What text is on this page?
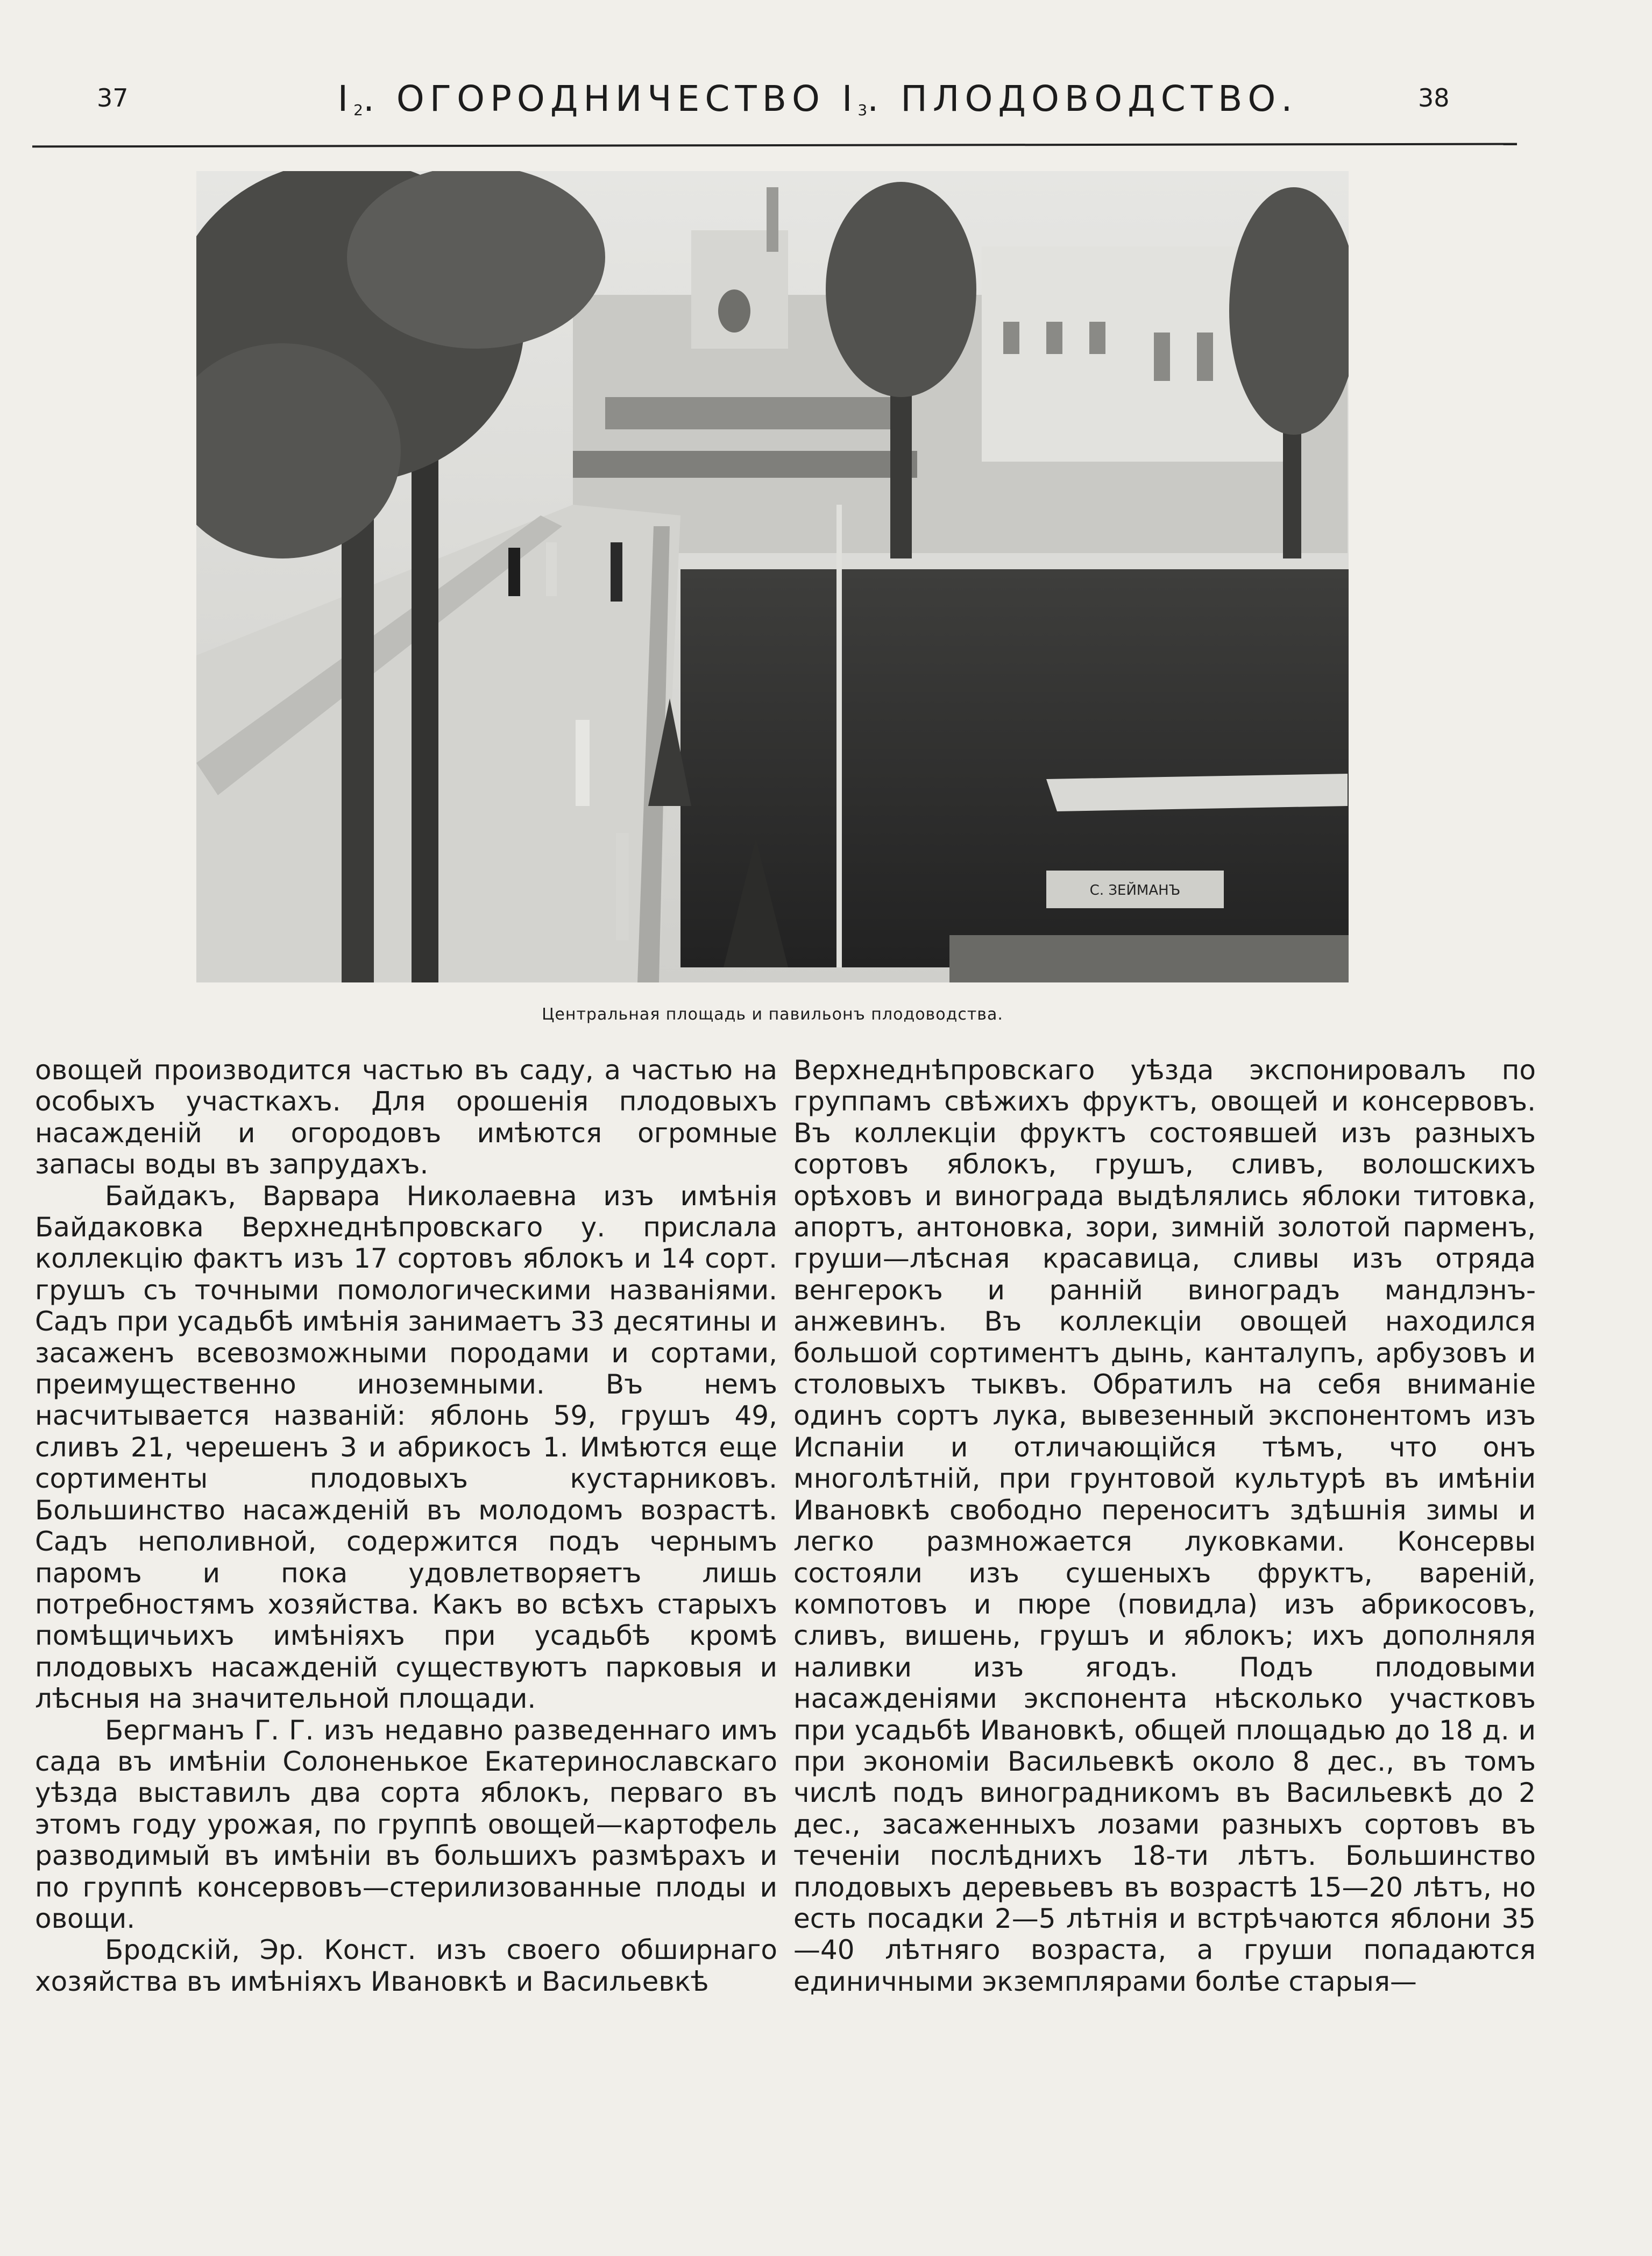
37	$I_2$. ОГОРОДНИЧЕСТВО $I_3$. ПЛОДОВОДСТВО.	38
С. ЗЕЙМАНЪ
Центральная площадь и павильонъ плодоводства.

овощей производится частью въ саду, а частью на особыхъ участкахъ. Для орошенія плодовыхъ насажденій и огородовъ имѣются огромные запасы воды въ запрудахъ.

Байдакъ, Варвара Николаевна изъ имѣнія Байдаковка Верхнеднѣпровскаго у. прислала коллекцію фактъ изъ 17 сортовъ яблокъ и 14 сорт. грушъ съ точными помологическими названіями. Садъ при усадьбѣ имѣнія занимаетъ 33 десятины и засаженъ всевозможными породами и сортами, преимущественно иноземными. Въ немъ насчитывается названій: яблонь 59, грушъ 49, сливъ 21, черешенъ 3 и абрикосъ 1. Имѣются еще сортименты плодовыхъ кустарниковъ. Большинство насажденій въ молодомъ возрастѣ. Садъ неполивной, содержится подъ чернымъ паромъ и пока удовлетворяетъ лишь потребностямъ хозяйства. Какъ во всѣхъ старыхъ помѣщичьихъ имѣніяхъ при усадьбѣ кромѣ плодовыхъ насажденій существуютъ парковыя и лѣсныя на значительной площади.

Бергманъ Г. Г. изъ недавно разведеннаго имъ сада въ имѣніи Солоненькое Екатеринославскаго уѣзда выставилъ два сорта яблокъ, перваго въ этомъ году урожая, по группѣ овощей—картофель разводимый въ имѣніи въ большихъ размѣрахъ и по группѣ консервовъ—стерилизованные плоды и овощи.

Бродскій, Эр. Конст. изъ своего обширнаго хозяйства въ имѣніяхъ Ивановкѣ и Васильевкѣ

Верхнеднѣпровскаго уѣзда экспонировалъ по группамъ свѣжихъ фруктъ, овощей и консервовъ. Въ коллекціи фруктъ состоявшей изъ разныхъ сортовъ яблокъ, грушъ, сливъ, волошскихъ орѣховъ и винограда выдѣлялись яблоки титовка, апортъ, антоновка, зори, зимній золотой парменъ, груши—лѣсная красавица, сливы изъ отряда венгерокъ и ранній виноградъ мандлэнъ-анжевинъ. Въ коллекціи овощей находился большой сортиментъ дынь, канталупъ, арбузовъ и столовыхъ тыквъ. Обратилъ на себя вниманіе одинъ сортъ лука, вывезенный экспонентомъ изъ Испаніи и отличающійся тѣмъ, что онъ многолѣтній, при грунтовой культурѣ въ имѣніи Ивановкѣ свободно переноситъ здѣшнія зимы и легко размножается луковками. Консервы состояли изъ сушеныхъ фруктъ, вареній, компотовъ и пюре (повидла) изъ абрикосовъ, сливъ, вишень, грушъ и яблокъ; ихъ дополняля наливки изъ ягодъ. Подъ плодовыми насажденіями экспонента нѣсколько участковъ при усадьбѣ Ивановкѣ, общей площадью до 18 д. и при экономіи Васильевкѣ около 8 дес., въ томъ числѣ подъ виноградникомъ въ Васильевкѣ до 2 дес., засаженныхъ лозами разныхъ сортовъ въ теченіи послѣднихъ 18-ти лѣтъ. Большинство плодовыхъ деревьевъ въ возрастѣ 15—20 лѣтъ, но есть посадки 2—5 лѣтнія и встрѣчаются яблони 35—40 лѣтняго возраста, а груши попадаются единичными экземплярами болѣе старыя—
